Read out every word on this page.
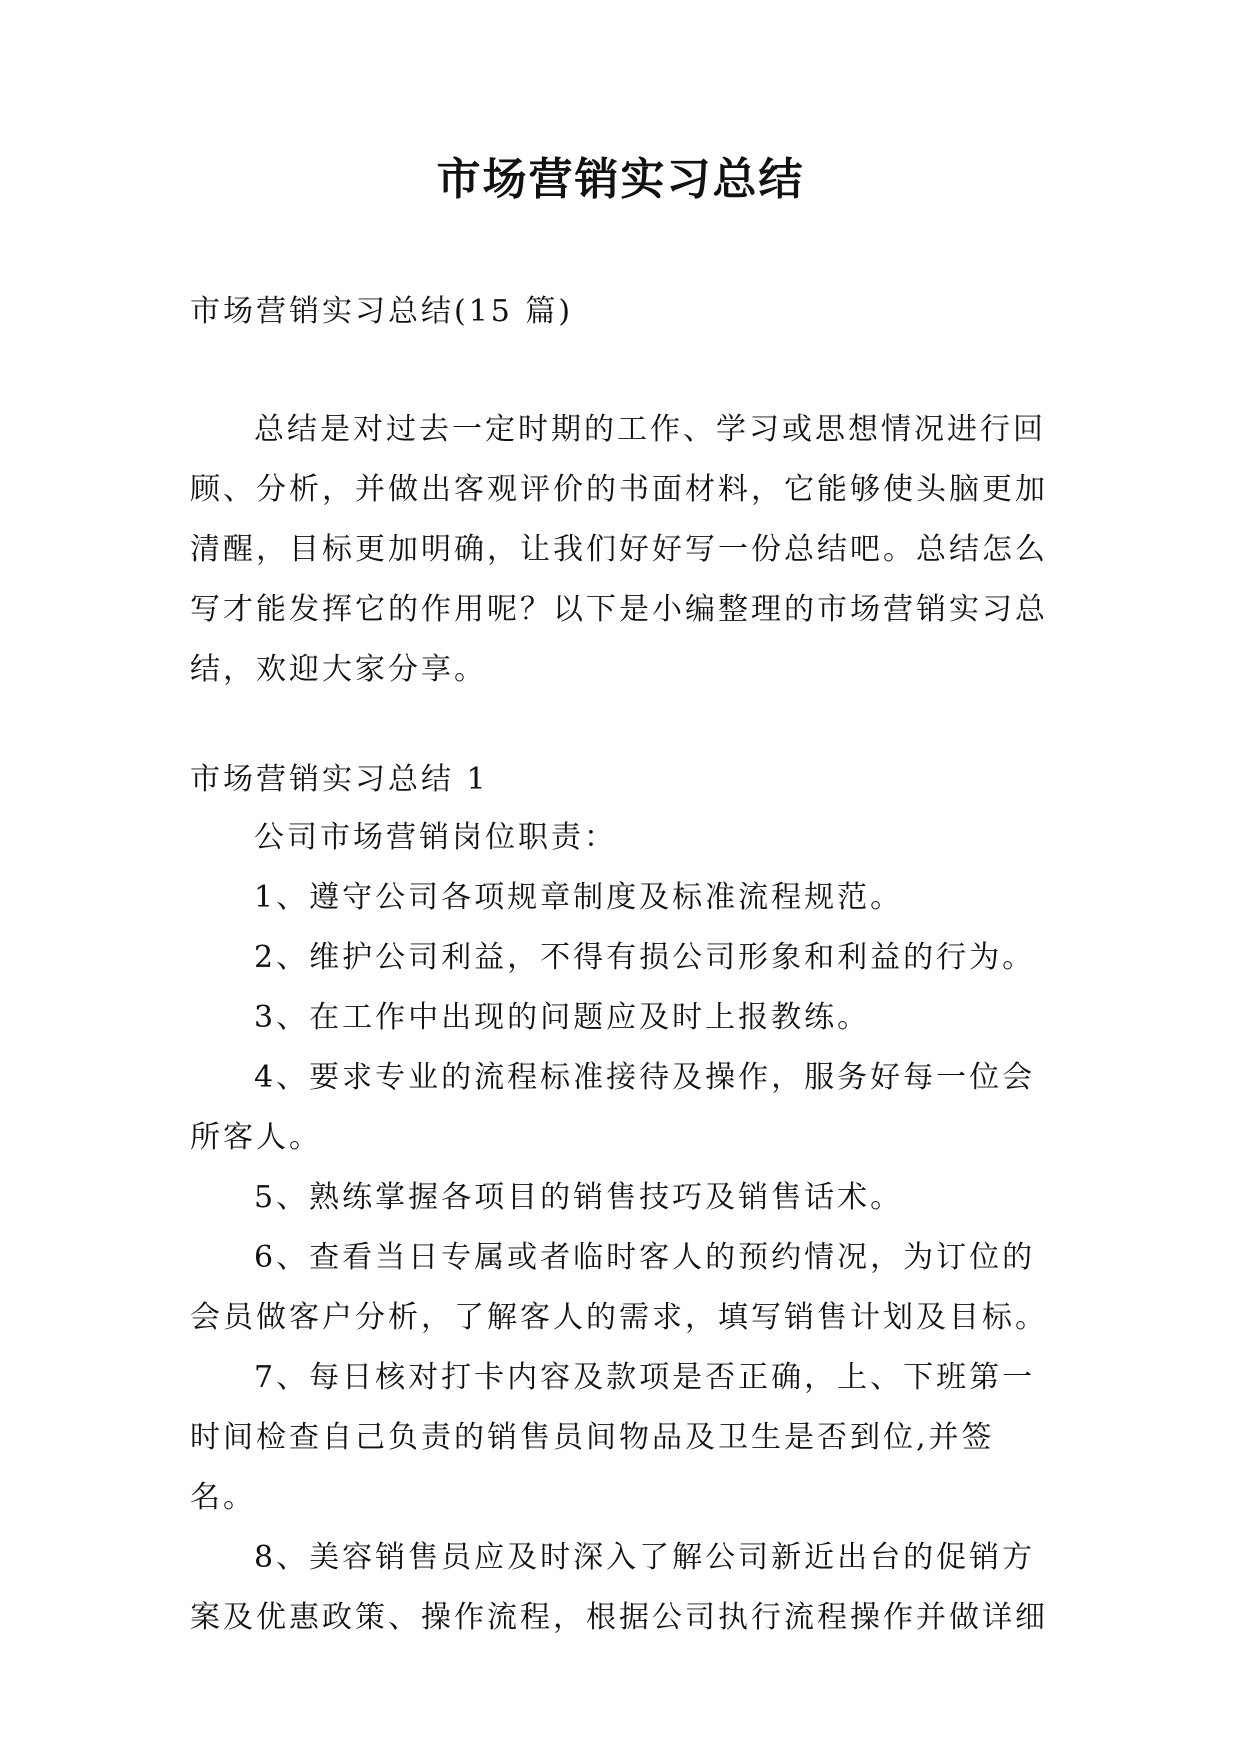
市场营销实习总结
市场营销实习总结(15 篇)

总结是对过去一定时期的工作、学习或思想情况进行回顾、分析，并做出客观评价的书面材料，它能够使头脑更加清醒，目标更加明确，让我们好好写一份总结吧。总结怎么写才能发挥它的作用呢？以下是小编整理的市场营销实习总结，欢迎大家分享。

市场营销实习总结 1

公司市场营销岗位职责：

1、遵守公司各项规章制度及标准流程规范。

2、维护公司利益，不得有损公司形象和利益的行为。

3、在工作中出现的问题应及时上报教练。

4、要求专业的流程标准接待及操作，服务好每一位会所客人。

5、熟练掌握各项目的销售技巧及销售话术。

6、查看当日专属或者临时客人的预约情况，为订位的会员做客户分析，了解客人的需求，填写销售计划及目标。

7、每日核对打卡内容及款项是否正确，上、下班第一时间检查自己负责的销售员间物品及卫生是否到位,并签名。

8、美容销售员应及时深入了解公司新近出台的促销方案及优惠政策、操作流程，根据公司执行流程操作并做详细
